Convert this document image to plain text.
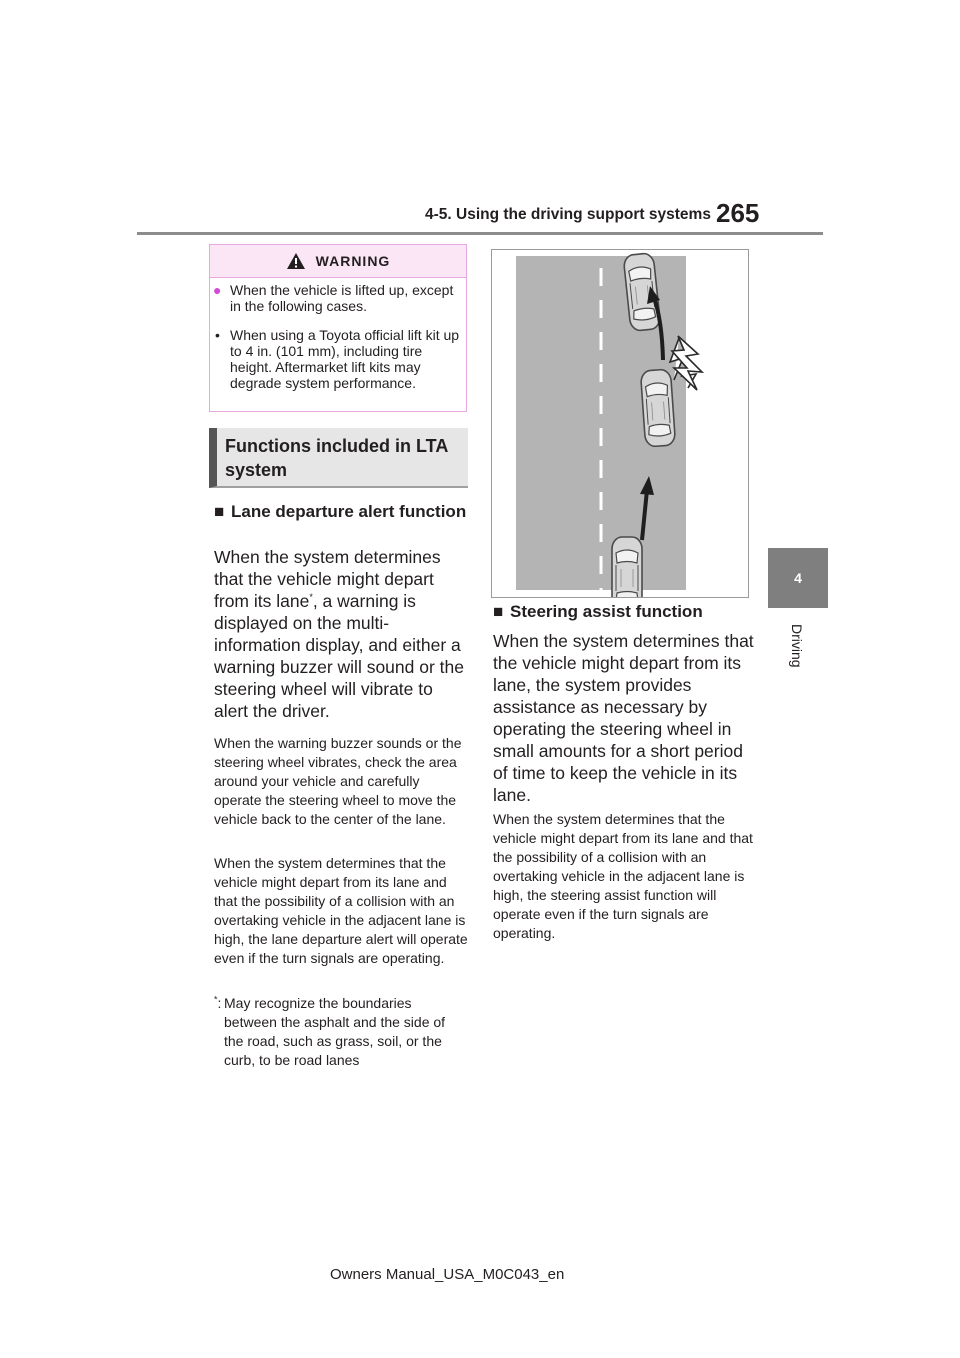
4-5. Using the driving support systems 265
4
Driving
WARNING
● When the vehicle is lifted up, except in the following cases.
• When using a Toyota official lift kit up to 4 in. (101 mm), including tire height. Aftermarket lift kits may degrade system performance.
Functions included in LTA system
■ Lane departure alert function
When the system determines that the vehicle might depart from its lane*, a warning is displayed on the multi-information display, and either a warning buzzer will sound or the steering wheel will vibrate to alert the driver.
When the warning buzzer sounds or the steering wheel vibrates, check the area around your vehicle and carefully operate the steering wheel to move the vehicle back to the center of the lane.
When the system determines that the vehicle might depart from its lane and that the possibility of a collision with an overtaking vehicle in the adjacent lane is high, the lane departure alert will operate even if the turn signals are operating.
*: May recognize the boundaries between the asphalt and the side of the road, such as grass, soil, or the curb, to be road lanes
■ Steering assist function
When the system determines that the vehicle might depart from its lane, the system provides assistance as necessary by operating the steering wheel in small amounts for a short period of time to keep the vehicle in its lane.
When the system determines that the vehicle might depart from its lane and that the possibility of a collision with an overtaking vehicle in the adjacent lane is high, the steering assist function will operate even if the turn signals are operating.
Owners Manual_USA_M0C043_en
